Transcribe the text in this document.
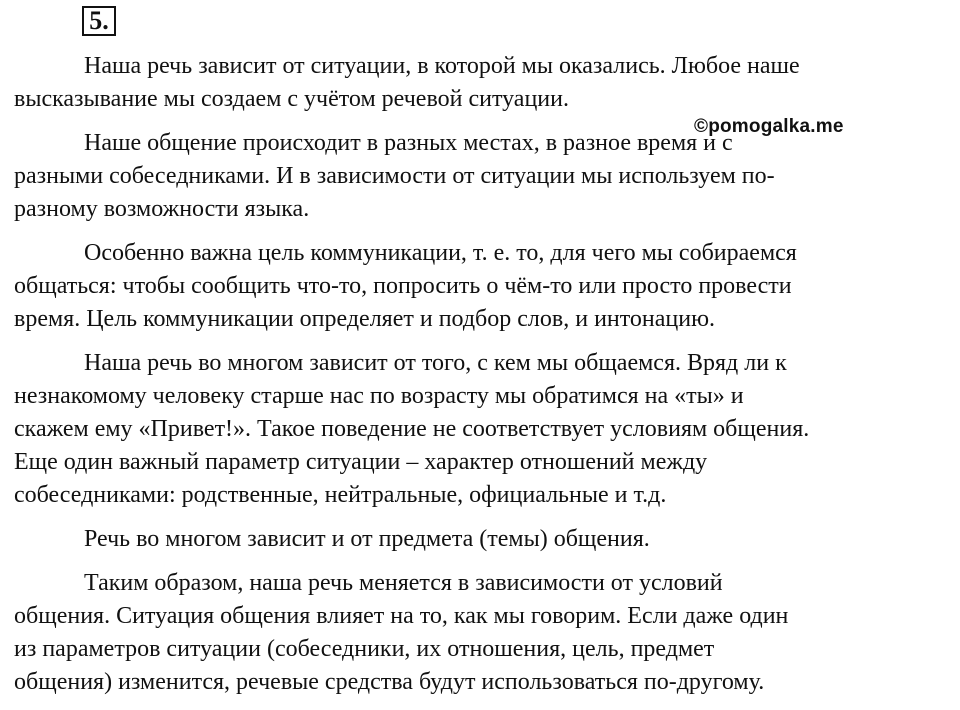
5.

Наша речь зависит от ситуации, в которой мы оказались. Любое наше
высказывание мы создаем с учётом речевой ситуации.

Наше общение происходит в разных местах, в разное время и с
разными собеседниками. И в зависимости от ситуации мы используем по-
разному возможности языка.

Особенно важна цель коммуникации, т. е. то, для чего мы собираемся
общаться: чтобы сообщить что-то, попросить о чём-то или просто провести
время. Цель коммуникации определяет и подбор слов, и интонацию.

Наша речь во многом зависит от того, с кем мы общаемся. Вряд ли к
незнакомому человеку старше нас по возрасту мы обратимся на «ты» и
скажем ему «Привет!». Такое поведение не соответствует условиям общения.
Еще один важный параметр ситуации – характер отношений между
собеседниками: родственные, нейтральные, официальные и т.д.

Речь во многом зависит и от предмета (темы) общения.

Таким образом, наша речь меняется в зависимости от условий
общения. Ситуация общения влияет на то, как мы говорим. Если даже один
из параметров ситуации (собеседники, их отношения, цель, предмет
общения) изменится, речевые средства будут использоваться по-другому.

©pomogalka.me
